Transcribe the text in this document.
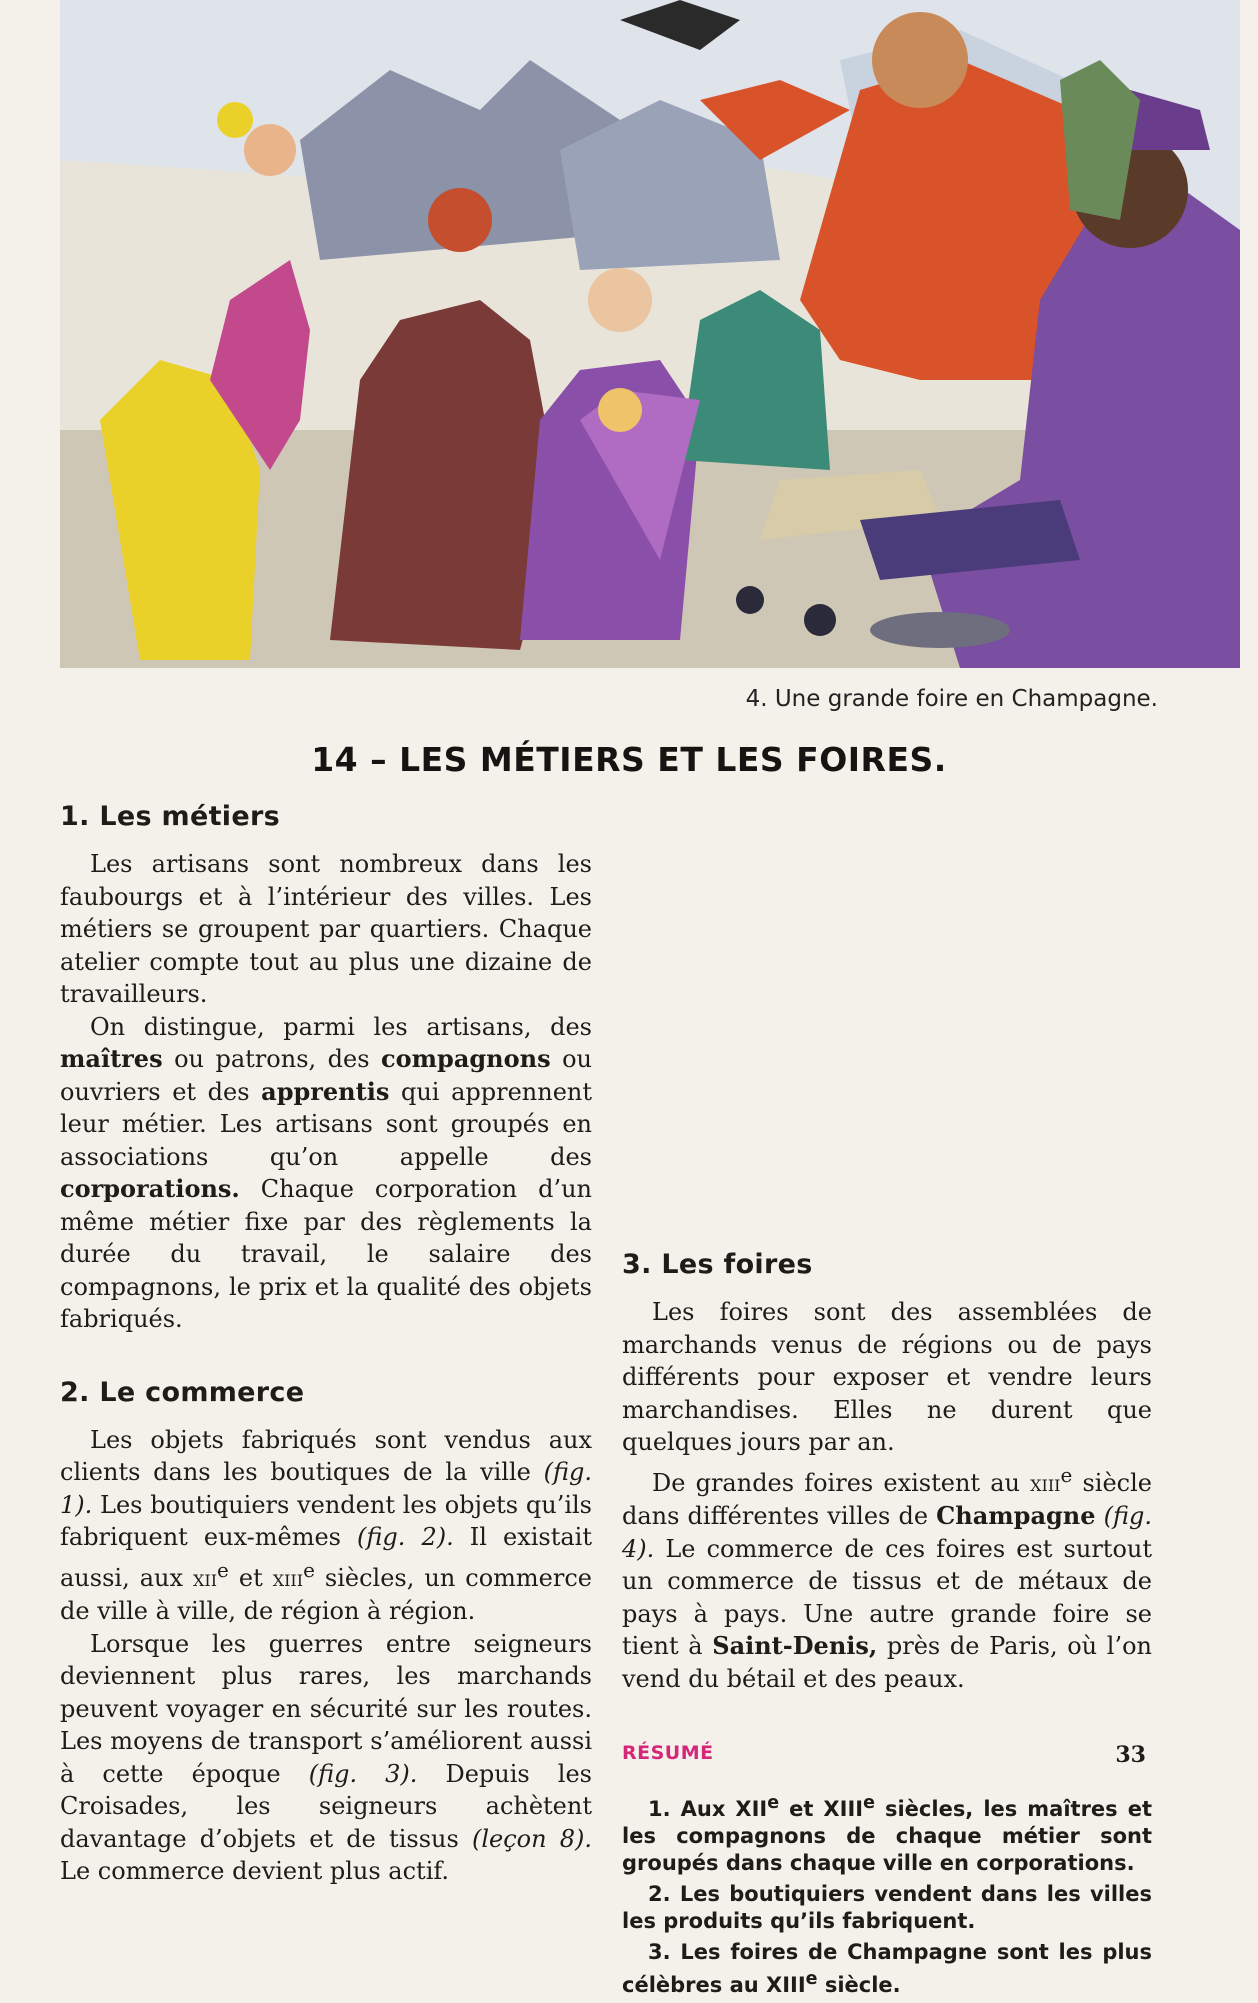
4. Une grande foire en Champagne.
14 – LES MÉTIERS ET LES FOIRES.
1. Les métiers

Les artisans sont nombreux dans les faubourgs et à l’intérieur des villes. Les métiers se groupent par quartiers. Chaque atelier compte tout au plus une dizaine de travailleurs.

On distingue, parmi les artisans, des maîtres ou patrons, des compagnons ou ouvriers et des apprentis qui apprennent leur métier. Les artisans sont groupés en associations qu’on appelle des corporations. Chaque corporation d’un même métier fixe par des règlements la durée du travail, le salaire des compagnons, le prix et la qualité des objets fabriqués.

2. Le commerce

Les objets fabriqués sont vendus aux clients dans les boutiques de la ville (fig. 1). Les boutiquiers vendent les objets qu’ils fabriquent eux-mêmes (fig. 2). Il existait aussi, aux xii$^e$ et xiii$^e$ siècles, un commerce de ville à ville, de région à région.

Lorsque les guerres entre seigneurs deviennent plus rares, les marchands peuvent voyager en sécurité sur les routes. Les moyens de transport s’améliorent aussi à cette époque (fig. 3). Depuis les Croisades, les seigneurs achètent davantage d’objets et de tissus (leçon 8). Le commerce devient plus actif.

3. Les foires

Les foires sont des assemblées de marchands venus de régions ou de pays différents pour exposer et vendre leurs marchandises. Elles ne durent que quelques jours par an.

De grandes foires existent au xiii$^e$ siècle dans différentes villes de Champagne (fig. 4). Le commerce de ces foires est surtout un commerce de tissus et de métaux de pays à pays. Une autre grande foire se tient à Saint-Denis, près de Paris, où l’on vend du bétail et des peaux.

RÉSUMÉ

1. Aux XIIe et XIIIe siècles, les maîtres et les compagnons de chaque métier sont groupés dans chaque ville en corporations.

2. Les boutiquiers vendent dans les villes les produits qu’ils fabriquent.

3. Les foires de Champagne sont les plus célèbres au XIIIe siècle.

33
